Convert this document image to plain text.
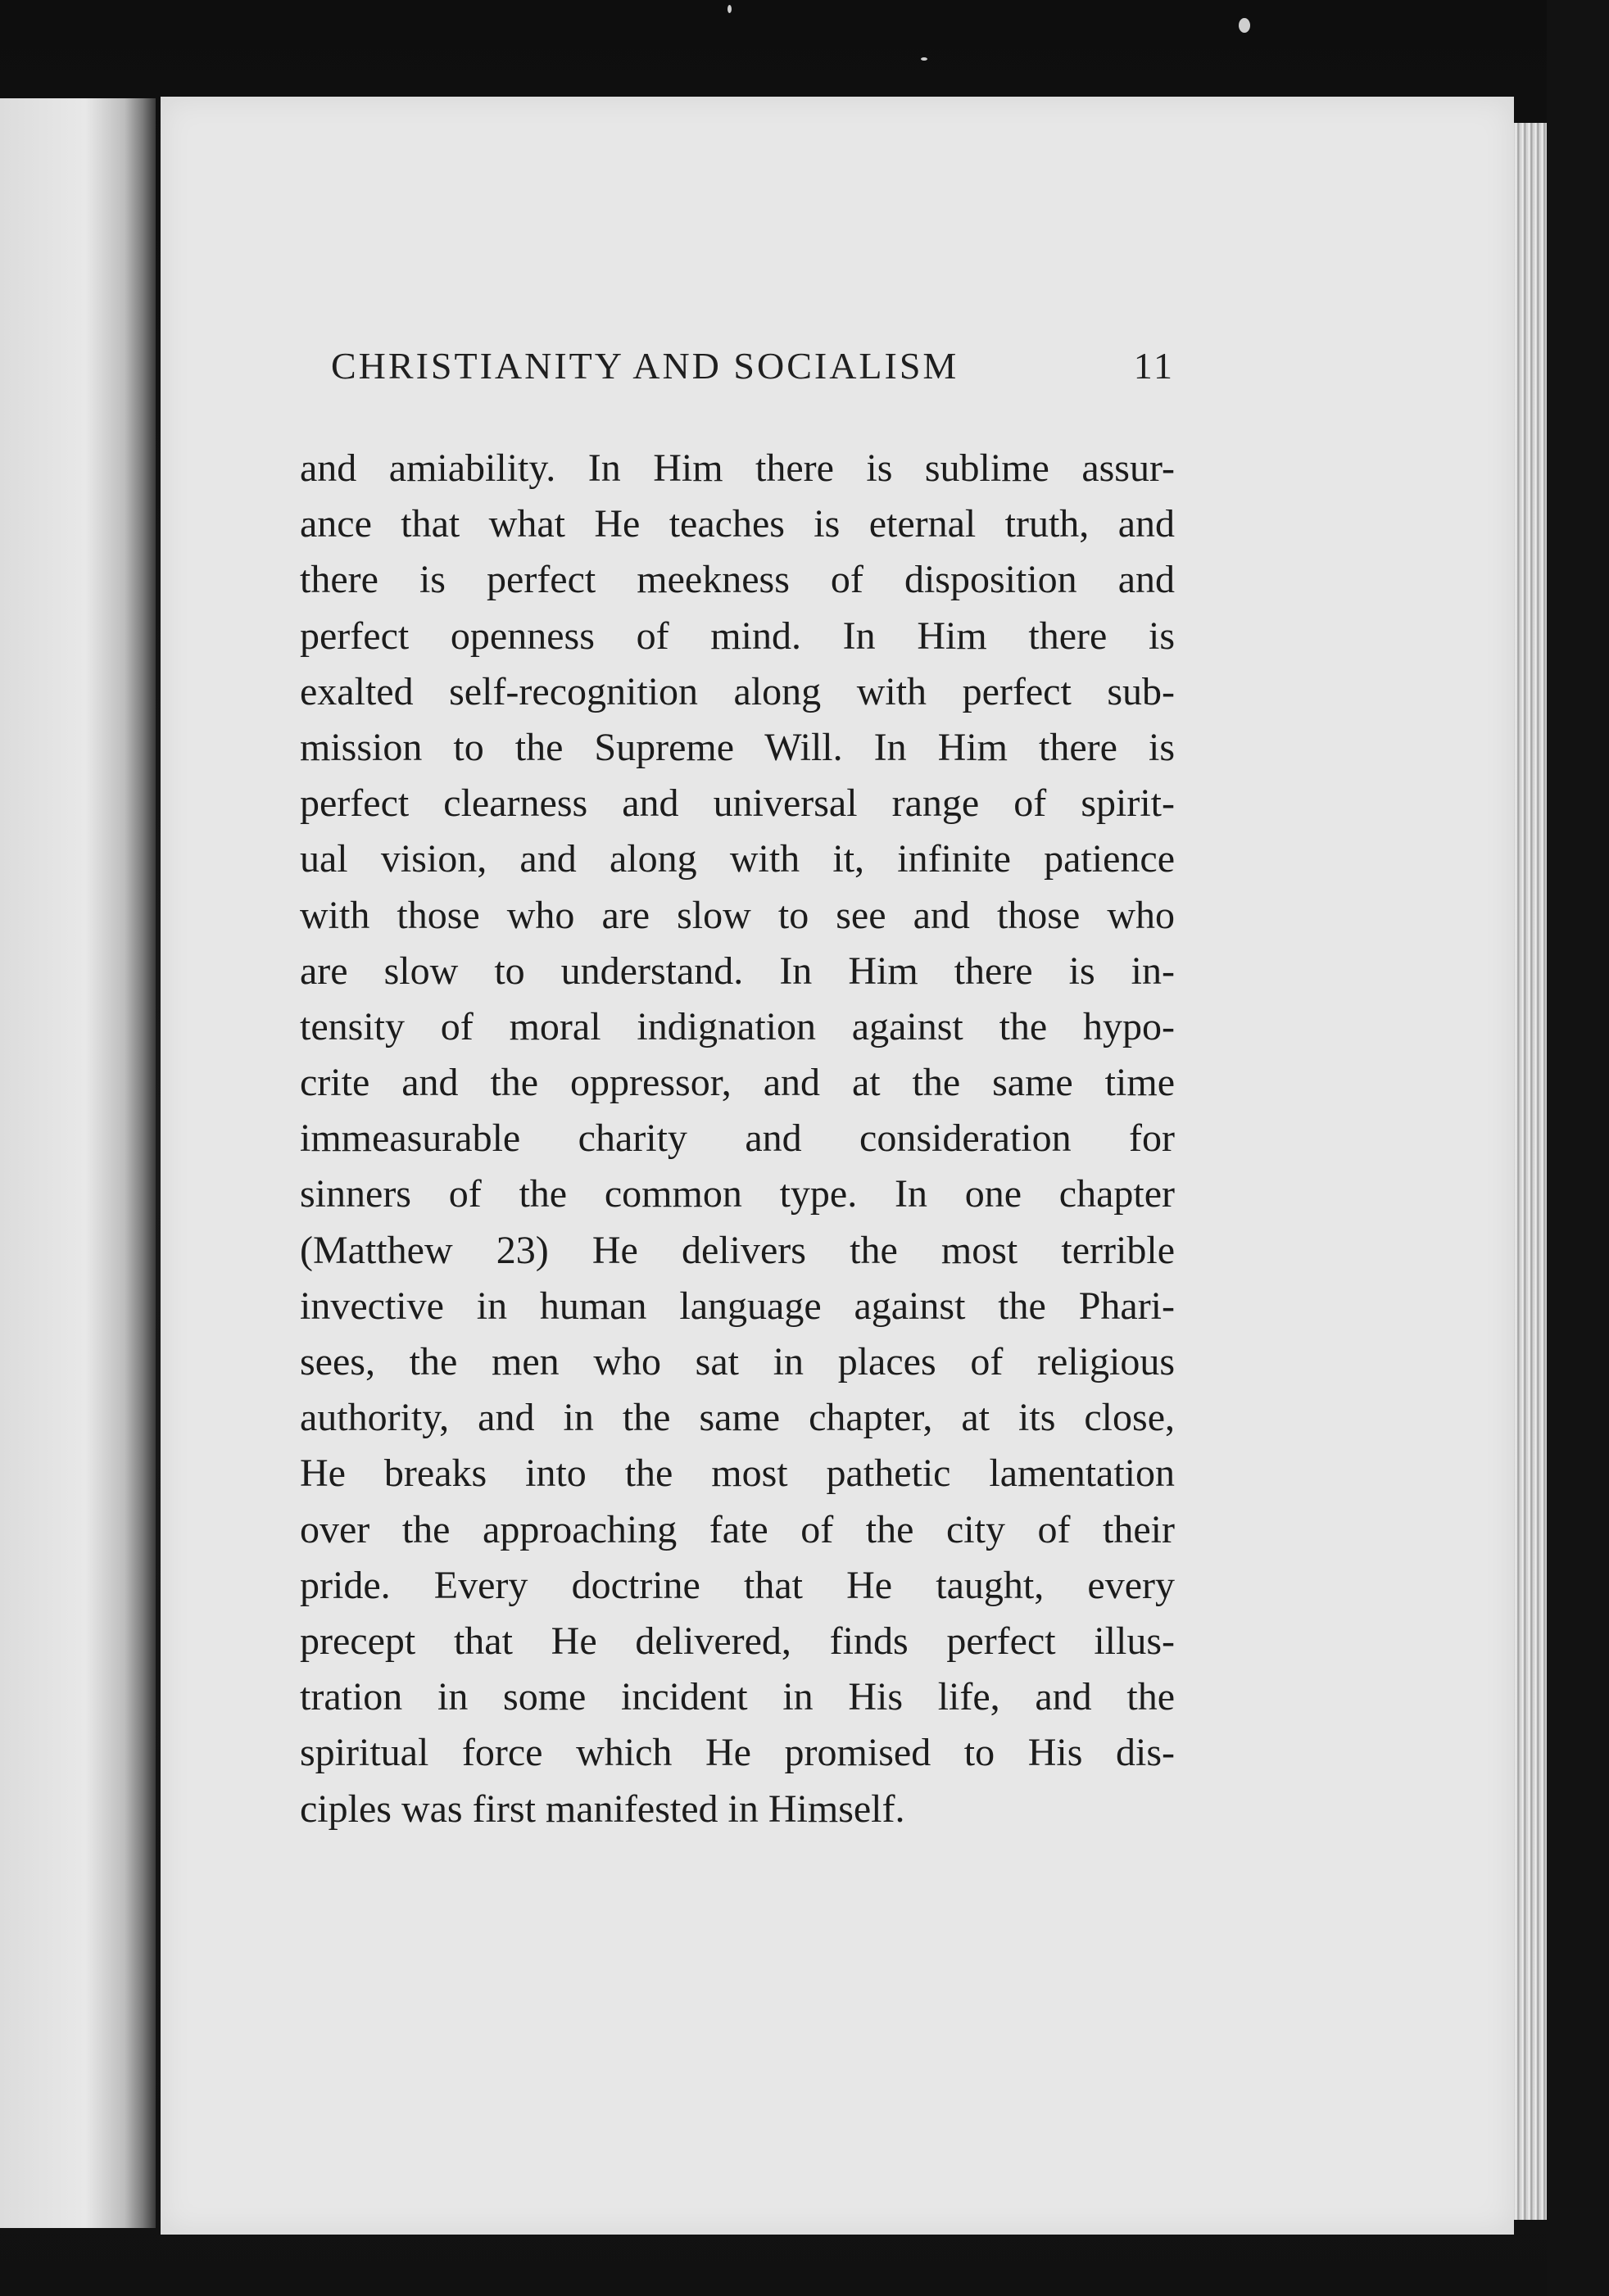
CHRISTIANITY AND SOCIALISM	11
and amiability. In Him there is sublime assur-
ance that what He teaches is eternal truth, and
there is perfect meekness of disposition and
perfect openness of mind. In Him there is
exalted self-recognition along with perfect sub-
mission to the Supreme Will. In Him there is
perfect clearness and universal range of spirit-
ual vision, and along with it, infinite patience
with those who are slow to see and those who
are slow to understand. In Him there is in-
tensity of moral indignation against the hypo-
crite and the oppressor, and at the same time
immeasurable charity and consideration for
sinners of the common type. In one chapter
(Matthew 23) He delivers the most terrible
invective in human language against the Phari-
sees, the men who sat in places of religious
authority, and in the same chapter, at its close,
He breaks into the most pathetic lamentation
over the approaching fate of the city of their
pride. Every doctrine that He taught, every
precept that He delivered, finds perfect illus-
tration in some incident in His life, and the
spiritual force which He promised to His dis-
ciples was first manifested in Himself.
